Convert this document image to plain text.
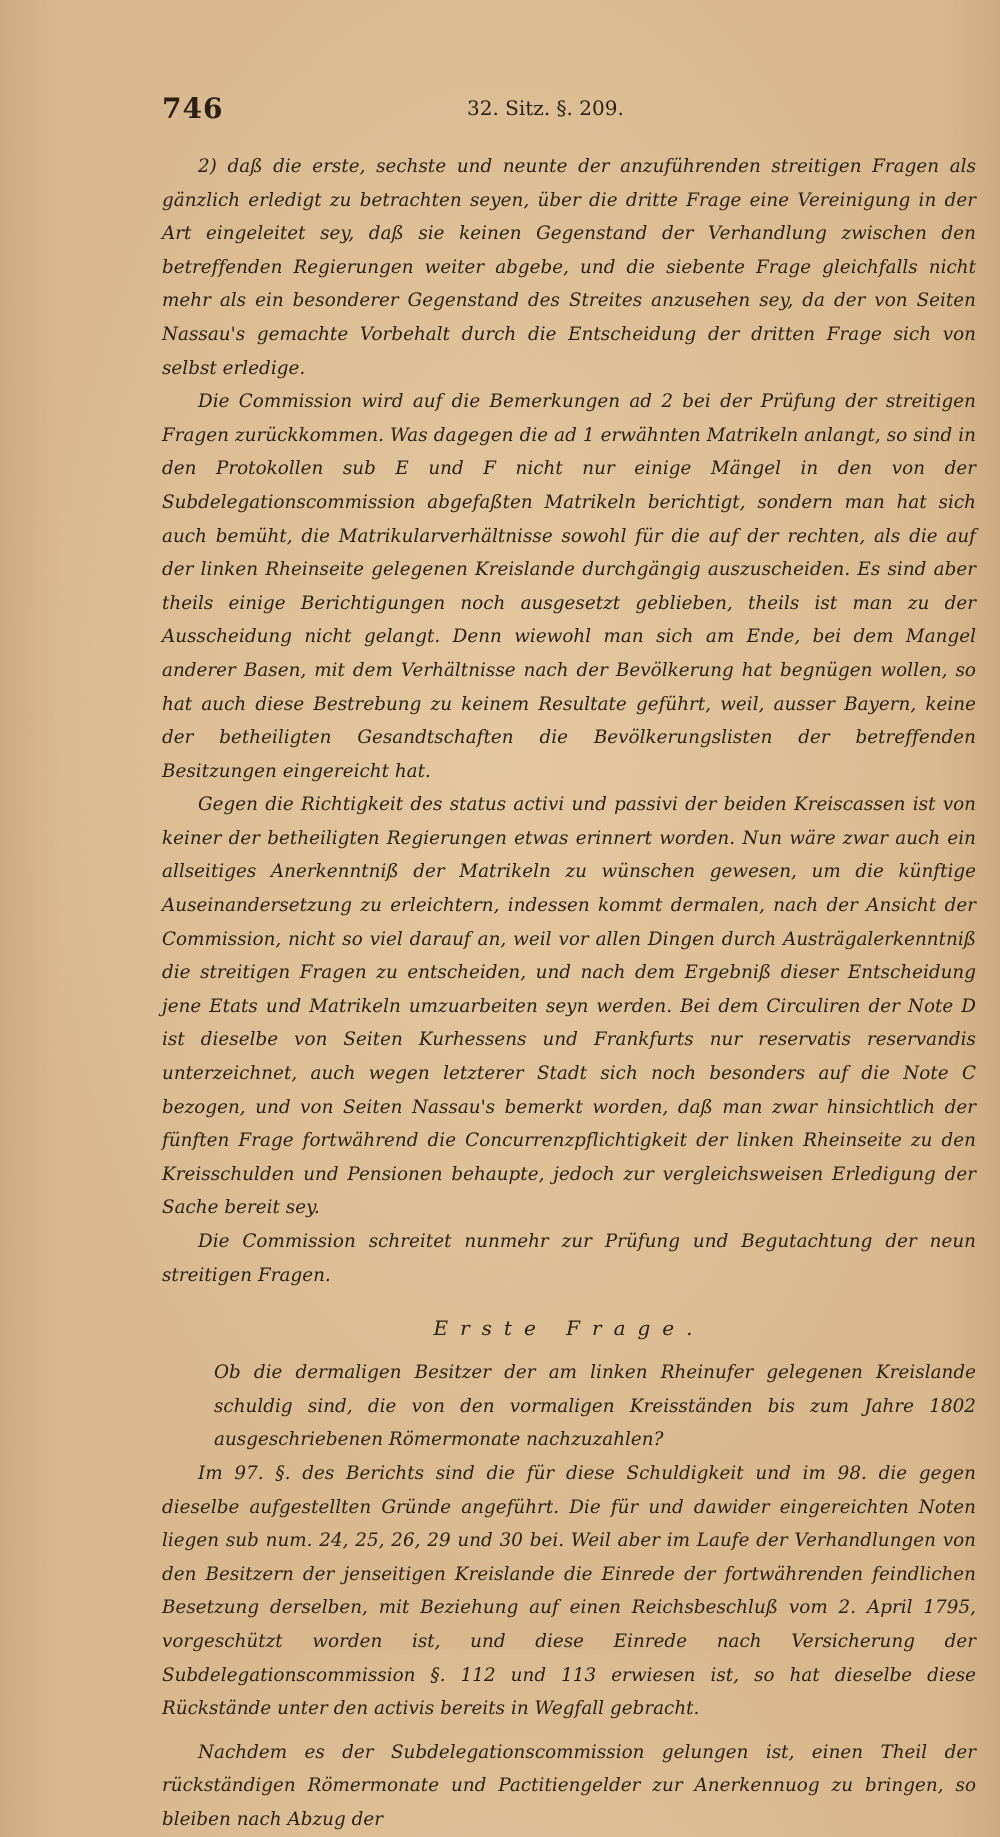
746	32. Sitz. §. 209.

2) daß die erste, sechste und neunte der anzuführenden streitigen Fragen als gänzlich erledigt zu betrachten seyen, über die dritte Frage eine Vereinigung in der Art eingeleitet sey, daß sie keinen Gegenstand der Verhandlung zwischen den betreffenden Regierungen weiter abgebe, und die siebente Frage gleichfalls nicht mehr als ein besonderer Gegenstand des Streites anzusehen sey, da der von Seiten Nassau's gemachte Vorbehalt durch die Entscheidung der dritten Frage sich von selbst erledige.

Die Commission wird auf die Bemerkungen ad 2 bei der Prüfung der streitigen Fragen zurückkommen. Was dagegen die ad 1 erwähnten Matrikeln anlangt, so sind in den Protokollen sub E und F nicht nur einige Mängel in den von der Subdelegationscommission abgefaßten Matrikeln berichtigt, sondern man hat sich auch bemüht, die Matrikularverhältnisse sowohl für die auf der rechten, als die auf der linken Rheinseite gelegenen Kreislande durchgängig auszuscheiden. Es sind aber theils einige Berichtigungen noch ausgesetzt geblieben, theils ist man zu der Ausscheidung nicht gelangt. Denn wiewohl man sich am Ende, bei dem Mangel anderer Basen, mit dem Verhältnisse nach der Bevölkerung hat begnügen wollen, so hat auch diese Bestrebung zu keinem Resultate geführt, weil, ausser Bayern, keine der betheiligten Gesandtschaften die Bevölkerungslisten der betreffenden Besitzungen eingereicht hat.

Gegen die Richtigkeit des status activi und passivi der beiden Kreiscassen ist von keiner der betheiligten Regierungen etwas erinnert worden. Nun wäre zwar auch ein allseitiges Anerkenntniß der Matrikeln zu wünschen gewesen, um die künftige Auseinandersetzung zu erleichtern, indessen kommt dermalen, nach der Ansicht der Commission, nicht so viel darauf an, weil vor allen Dingen durch Austrägalerkenntniß die streitigen Fragen zu entscheiden, und nach dem Ergebniß dieser Entscheidung jene Etats und Matrikeln umzuarbeiten seyn werden. Bei dem Circuliren der Note D ist dieselbe von Seiten Kurhessens und Frankfurts nur reservatis reservandis unterzeichnet, auch wegen letzterer Stadt sich noch besonders auf die Note C bezogen, und von Seiten Nassau's bemerkt worden, daß man zwar hinsichtlich der fünften Frage fortwährend die Concurrenzpflichtigkeit der linken Rheinseite zu den Kreisschulden und Pensionen behaupte, jedoch zur vergleichsweisen Erledigung der Sache bereit sey.

Die Commission schreitet nunmehr zur Prüfung und Begutachtung der neun streitigen Fragen.

Erste Frage.

Ob die dermaligen Besitzer der am linken Rheinufer gelegenen Kreislande schuldig sind, die von den vormaligen Kreisständen bis zum Jahre 1802 ausgeschriebenen Römermonate nachzuzahlen?

Im 97. §. des Berichts sind die für diese Schuldigkeit und im 98. die gegen dieselbe aufgestellten Gründe angeführt. Die für und dawider eingereichten Noten liegen sub num. 24, 25, 26, 29 und 30 bei. Weil aber im Laufe der Verhandlungen von den Besitzern der jenseitigen Kreislande die Einrede der fortwährenden feindlichen Besetzung derselben, mit Beziehung auf einen Reichsbeschluß vom 2. April 1795, vorgeschützt worden ist, und diese Einrede nach Versicherung der Subdelegationscommission §. 112 und 113 erwiesen ist, so hat dieselbe diese Rückstände unter den activis bereits in Wegfall gebracht.

Nachdem es der Subdelegationscommission gelungen ist, einen Theil der rückständigen Römermonate und Pactitiengelder zur Anerkennuog zu bringen, so bleiben nach Abzug der
